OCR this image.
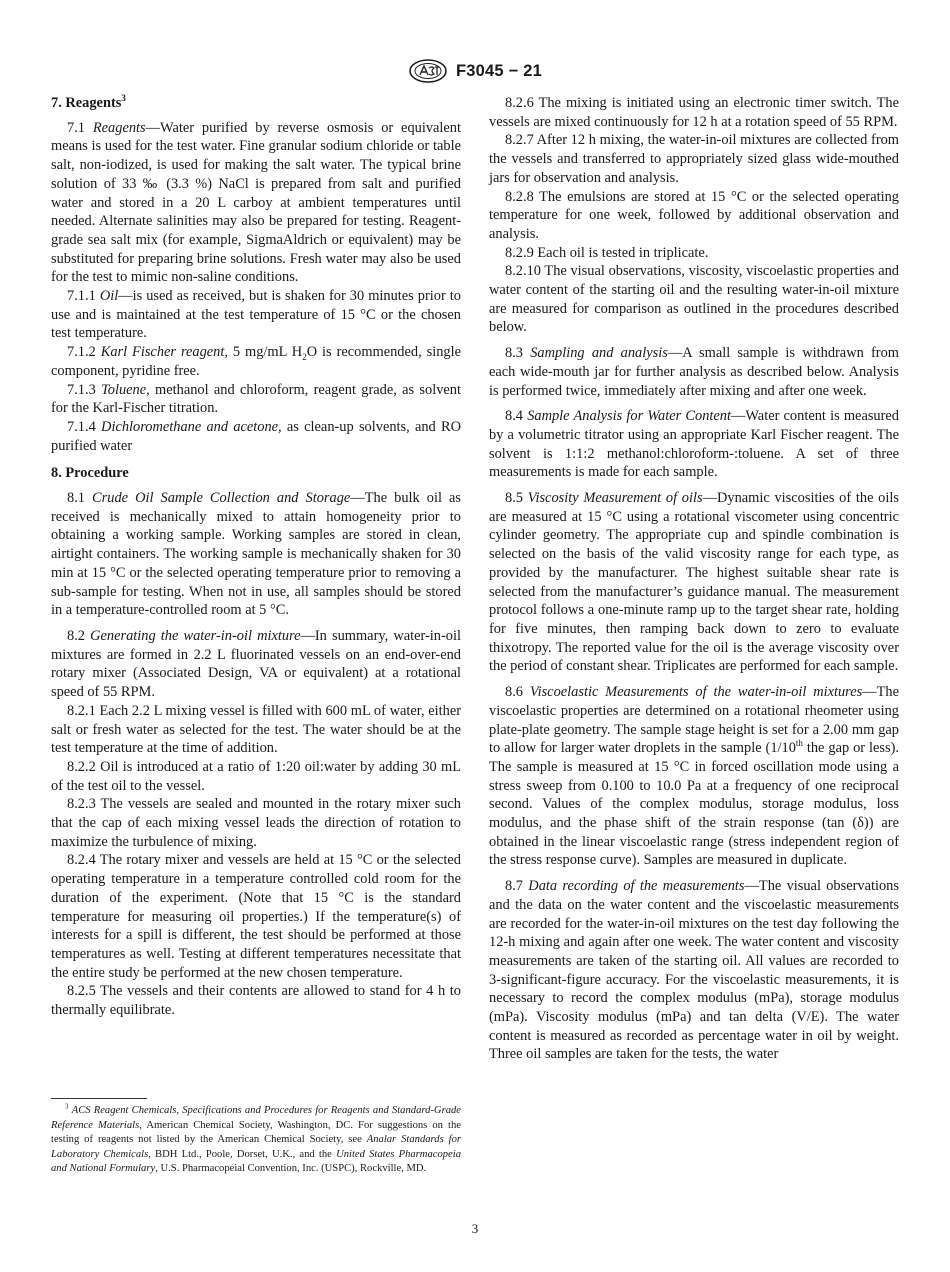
F3045 − 21
7. Reagents$^3$

7.1 Reagents—Water purified by reverse osmosis or equivalent means is used for the test water. Fine granular sodium chloride or table salt, non-iodized, is used for making the salt water. The typical brine solution of 33 ‰ (3.3 %) NaCl is prepared from salt and purified water and stored in a 20 L carboy at ambient temperatures until needed. Alternate salinities may also be prepared for testing. Reagent-grade sea salt mix (for example, SigmaAldrich or equivalent) may be substituted for preparing brine solutions. Fresh water may also be used for the test to mimic non-saline conditions.

7.1.1 Oil—is used as received, but is shaken for 30 minutes prior to use and is maintained at the test temperature of 15 °C or the chosen test temperature.

7.1.2 Karl Fischer reagent, 5 mg/mL $H_2O$ is recommended, single component, pyridine free.

7.1.3 Toluene, methanol and chloroform, reagent grade, as solvent for the Karl-Fischer titration.

7.1.4 Dichloromethane and acetone, as clean-up solvents, and RO purified water

8. Procedure

8.1 Crude Oil Sample Collection and Storage—The bulk oil as received is mechanically mixed to attain homogeneity prior to obtaining a working sample. Working samples are stored in clean, airtight containers. The working sample is mechanically shaken for 30 min at 15 °C or the selected operating temperature prior to removing a sub-sample for testing. When not in use, all samples should be stored in a temperature-controlled room at 5 °C.

8.2 Generating the water-in-oil mixture—In summary, water-in-oil mixtures are formed in 2.2 L fluorinated vessels on an end-over-end rotary mixer (Associated Design, VA or equivalent) at a rotational speed of 55 RPM.

8.2.1 Each 2.2 L mixing vessel is filled with 600 mL of water, either salt or fresh water as selected for the test. The water should be at the test temperature at the time of addition.

8.2.2 Oil is introduced at a ratio of 1:20 oil:water by adding 30 mL of the test oil to the vessel.

8.2.3 The vessels are sealed and mounted in the rotary mixer such that the cap of each mixing vessel leads the direction of rotation to maximize the turbulence of mixing.

8.2.4 The rotary mixer and vessels are held at 15 °C or the selected operating temperature in a temperature controlled cold room for the duration of the experiment. (Note that 15 °C is the standard temperature for measuring oil properties.) If the temperature(s) of interests for a spill is different, the test should be performed at those temperatures as well. Testing at different temperatures necessitate that the entire study be performed at the new chosen temperature.

8.2.5 The vessels and their contents are allowed to stand for 4 h to thermally equilibrate.

$^3$ ACS Reagent Chemicals, Specifications and Procedures for Reagents and Standard-Grade Reference Materials, American Chemical Society, Washington, DC. For suggestions on the testing of reagents not listed by the American Chemical Society, see Analar Standards for Laboratory Chemicals, BDH Ltd., Poole, Dorset, U.K., and the United States Pharmacopeia and National Formulary, U.S. Pharmacopeial Convention, Inc. (USPC), Rockville, MD.

8.2.6 The mixing is initiated using an electronic timer switch. The vessels are mixed continuously for 12 h at a rotation speed of 55 RPM.

8.2.7 After 12 h mixing, the water-in-oil mixtures are collected from the vessels and transferred to appropriately sized glass wide-mouthed jars for observation and analysis.

8.2.8 The emulsions are stored at 15 °C or the selected operating temperature for one week, followed by additional observation and analysis.

8.2.9 Each oil is tested in triplicate.

8.2.10 The visual observations, viscosity, viscoelastic properties and water content of the starting oil and the resulting water-in-oil mixture are measured for comparison as outlined in the procedures described below.

8.3 Sampling and analysis—A small sample is withdrawn from each wide-mouth jar for further analysis as described below. Analysis is performed twice, immediately after mixing and after one week.

8.4 Sample Analysis for Water Content—Water content is measured by a volumetric titrator using an appropriate Karl Fischer reagent. The solvent is 1:1:2 methanol:chloroform-:toluene. A set of three measurements is made for each sample.

8.5 Viscosity Measurement of oils—Dynamic viscosities of the oils are measured at 15 °C using a rotational viscometer using concentric cylinder geometry. The appropriate cup and spindle combination is selected on the basis of the valid viscosity range for each type, as provided by the manufacturer. The highest suitable shear rate is selected from the manufacturer’s guidance manual. The measurement protocol follows a one-minute ramp up to the target shear rate, holding for five minutes, then ramping back down to zero to evaluate thixotropy. The reported value for the oil is the average viscosity over the period of constant shear. Triplicates are performed for each sample.

8.6 Viscoelastic Measurements of the water-in-oil mixtures—The viscoelastic properties are determined on a rotational rheometer using plate-plate geometry. The sample stage height is set for a 2.00 mm gap to allow for larger water droplets in the sample (1/10th the gap or less). The sample is measured at 15 °C in forced oscillation mode using a stress sweep from 0.100 to 10.0 Pa at a frequency of one reciprocal second. Values of the complex modulus, storage modulus, loss modulus, and the phase shift of the strain response (tan (δ)) are obtained in the linear viscoelastic range (stress independent region of the stress response curve). Samples are measured in duplicate.

8.7 Data recording of the measurements—The visual observations and the data on the water content and the viscoelastic measurements are recorded for the water-in-oil mixtures on the test day following the 12-h mixing and again after one week. The water content and viscosity measurements are taken of the starting oil. All values are recorded to 3-significant-figure accuracy. For the viscoelastic measurements, it is necessary to record the complex modulus (mPa), storage modulus (mPa). Viscosity modulus (mPa) and tan delta (V/E). The water content is measured as recorded as percentage water in oil by weight. Three oil samples are taken for the tests, the water

3
